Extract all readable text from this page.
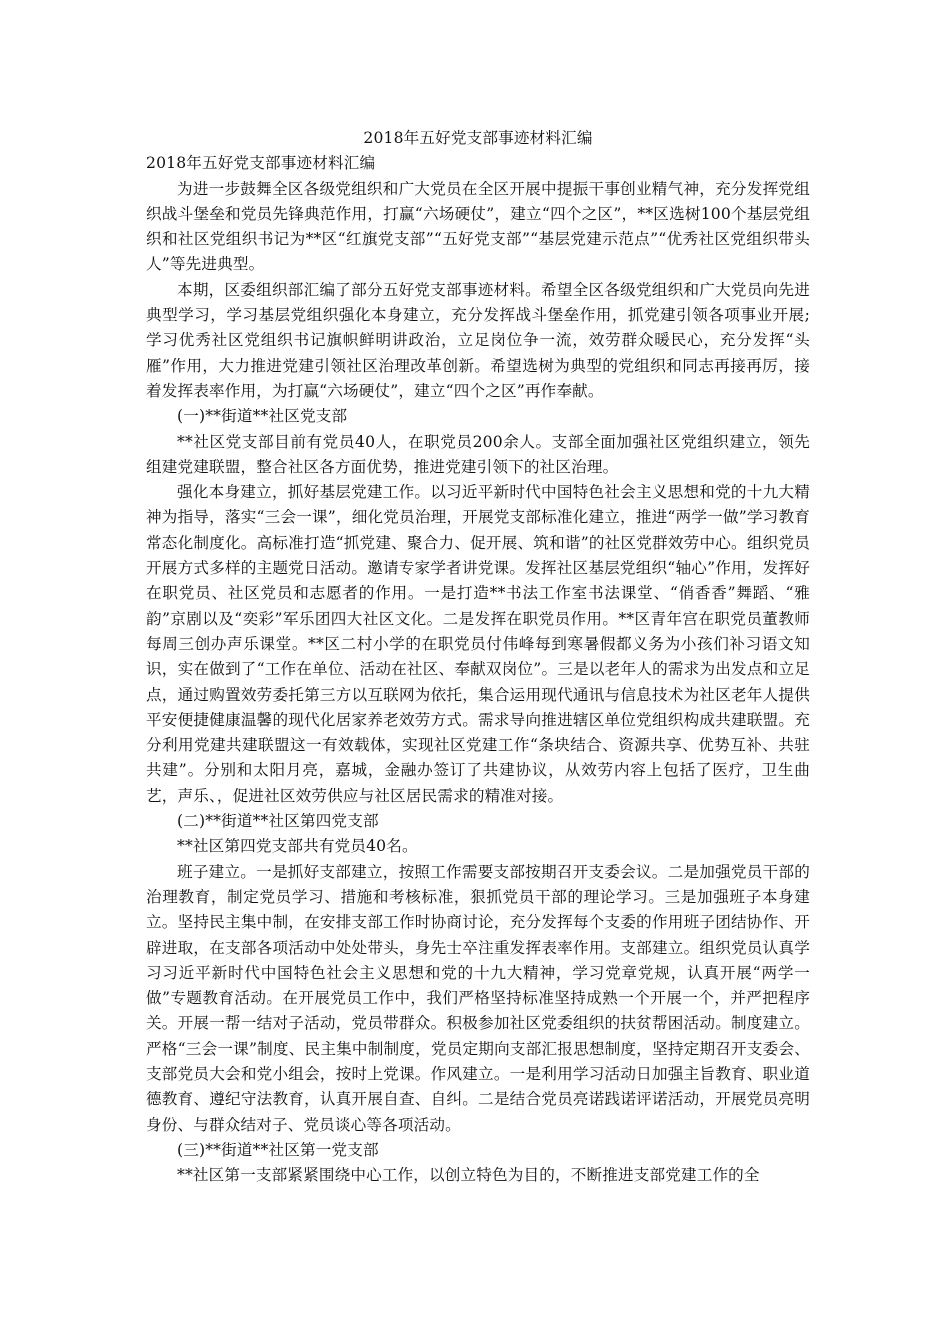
2018年五好党支部事迹材料汇编

2018年五好党支部事迹材料汇编

为进一步鼓舞全区各级党组织和广大党员在全区开展中提振干事创业精气神，充分发挥党组织战斗堡垒和党员先锋典范作用，打赢“六场硬仗”，建立“四个之区”，**区选树100个基层党组织和社区党组织书记为**区“红旗党支部”“五好党支部”“基层党建示范点”“优秀社区党组织带头人”等先进典型。

本期，区委组织部汇编了部分五好党支部事迹材料。希望全区各级党组织和广大党员向先进典型学习，学习基层党组织强化本身建立，充分发挥战斗堡垒作用，抓党建引领各项事业开展;学习优秀社区党组织书记旗帜鲜明讲政治，立足岗位争一流，效劳群众暖民心，充分发挥“头雁”作用，大力推进党建引领社区治理改革创新。希望选树为典型的党组织和同志再接再厉，接着发挥表率作用，为打赢“六场硬仗”，建立“四个之区”再作奉献。

(一)**街道**社区党支部

**社区党支部目前有党员40人，在职党员200余人。支部全面加强社区党组织建立，领先组建党建联盟，整合社区各方面优势，推进党建引领下的社区治理。

强化本身建立，抓好基层党建工作。以习近平新时代中国特色社会主义思想和党的十九大精神为指导，落实“三会一课”，细化党员治理，开展党支部标准化建立，推进“两学一做”学习教育常态化制度化。高标准打造“抓党建、聚合力、促开展、筑和谐”的社区党群效劳中心。组织党员开展方式多样的主题党日活动。邀请专家学者讲党课。发挥社区基层党组织“轴心”作用，发挥好在职党员、社区党员和志愿者的作用。一是打造**书法工作室书法课堂、“俏香香”舞蹈、“雅韵”京剧以及“奕彩”军乐团四大社区文化。二是发挥在职党员作用。**区青年宫在职党员董教师每周三创办声乐课堂。**区二村小学的在职党员付伟峰每到寒暑假都义务为小孩们补习语文知识，实在做到了“工作在单位、活动在社区、奉献双岗位”。三是以老年人的需求为出发点和立足点，通过购置效劳委托第三方以互联网为依托，集合运用现代通讯与信息技术为社区老年人提供平安便捷健康温馨的现代化居家养老效劳方式。需求导向推进辖区单位党组织构成共建联盟。充分利用党建共建联盟这一有效载体，实现社区党建工作“条块结合、资源共享、优势互补、共驻共建”。分别和太阳月亮，嘉城，金融办签订了共建协议，从效劳内容上包括了医疗，卫生曲艺，声乐、，促进社区效劳供应与社区居民需求的精准对接。

(二)**街道**社区第四党支部

**社区第四党支部共有党员40名。

班子建立。一是抓好支部建立，按照工作需要支部按期召开支委会议。二是加强党员干部的治理教育，制定党员学习、措施和考核标准，狠抓党员干部的理论学习。三是加强班子本身建立。坚持民主集中制，在安排支部工作时协商讨论，充分发挥每个支委的作用班子团结协作、开辟进取，在支部各项活动中处处带头，身先士卒注重发挥表率作用。支部建立。组织党员认真学习习近平新时代中国特色社会主义思想和党的十九大精神，学习党章党规，认真开展“两学一做”专题教育活动。在开展党员工作中，我们严格坚持标准坚持成熟一个开展一个，并严把程序关。开展一帮一结对子活动，党员带群众。积极参加社区党委组织的扶贫帮困活动。制度建立。严格“三会一课”制度、民主集中制制度，党员定期向支部汇报思想制度，坚持定期召开支委会、支部党员大会和党小组会，按时上党课。作风建立。一是利用学习活动日加强主旨教育、职业道德教育、遵纪守法教育，认真开展自查、自纠。二是结合党员亮诺践诺评诺活动，开展党员亮明身份、与群众结对子、党员谈心等各项活动。

(三)**街道**社区第一党支部

**社区第一支部紧紧围绕中心工作，以创立特色为目的，不断推进支部党建工作的全
